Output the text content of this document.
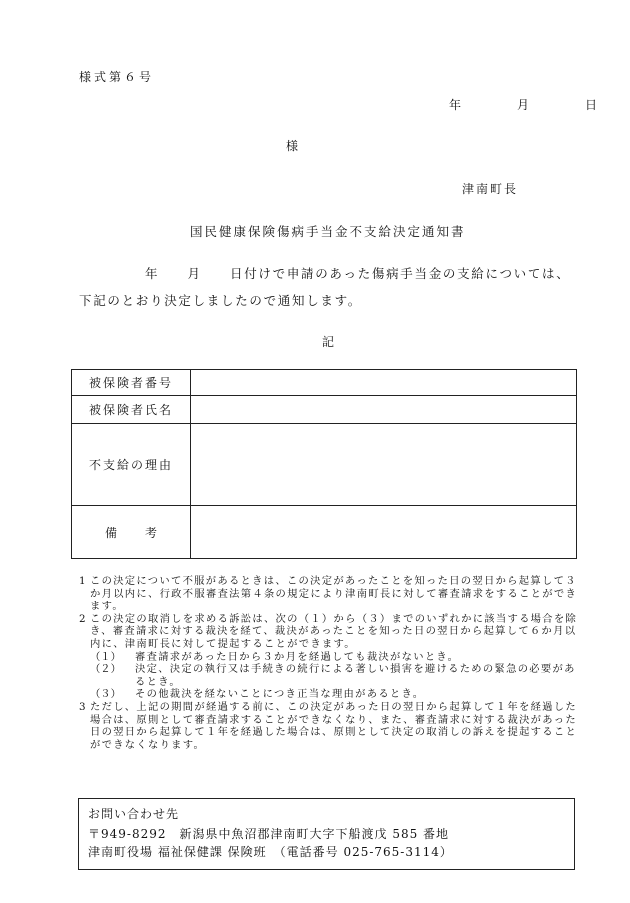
様式第６号
年	月	日
様
津南町長
国民健康保険傷病手当金不支給決定通知書
年 月 日付けで申請のあった傷病手当金の支給については、
下記のとおり決定しましたので通知します。
記
被保険者番号	
被保険者氏名	
不支給の理由	
備 考	
1 この決定について不服があるときは、この決定があったことを知った日の翌日から起算して３か月以内に、行政不服審査法第４条の規定により津南町長に対して審査請求をすることができます。
2 この決定の取消しを求める訴訟は、次の（１）から（３）までのいずれかに該当する場合を除き、審査請求に対する裁決を経て、裁決があったことを知った日の翌日から起算して６か月以内に、津南町長に対して提起することができます。
（１）	審査請求があった日から３か月を経過しても裁決がないとき。
（２）	決定、決定の執行又は手続きの続行による著しい損害を避けるための緊急の必要があるとき。
（３）	その他裁決を経ないことにつき正当な理由があるとき。
3 ただし、上記の期間が経過する前に、この決定があった日の翌日から起算して１年を経過した場合は、原則として審査請求することができなくなり、また、審査請求に対する裁決があった日の翌日から起算して１年を経過した場合は、原則として決定の取消しの訴えを提起することができなくなります。
お問い合わせ先
〒949-8292　新潟県中魚沼郡津南町大字下船渡戊 585 番地
津南町役場 福祉保健課 保険班　（電話番号 025-765-3114）
